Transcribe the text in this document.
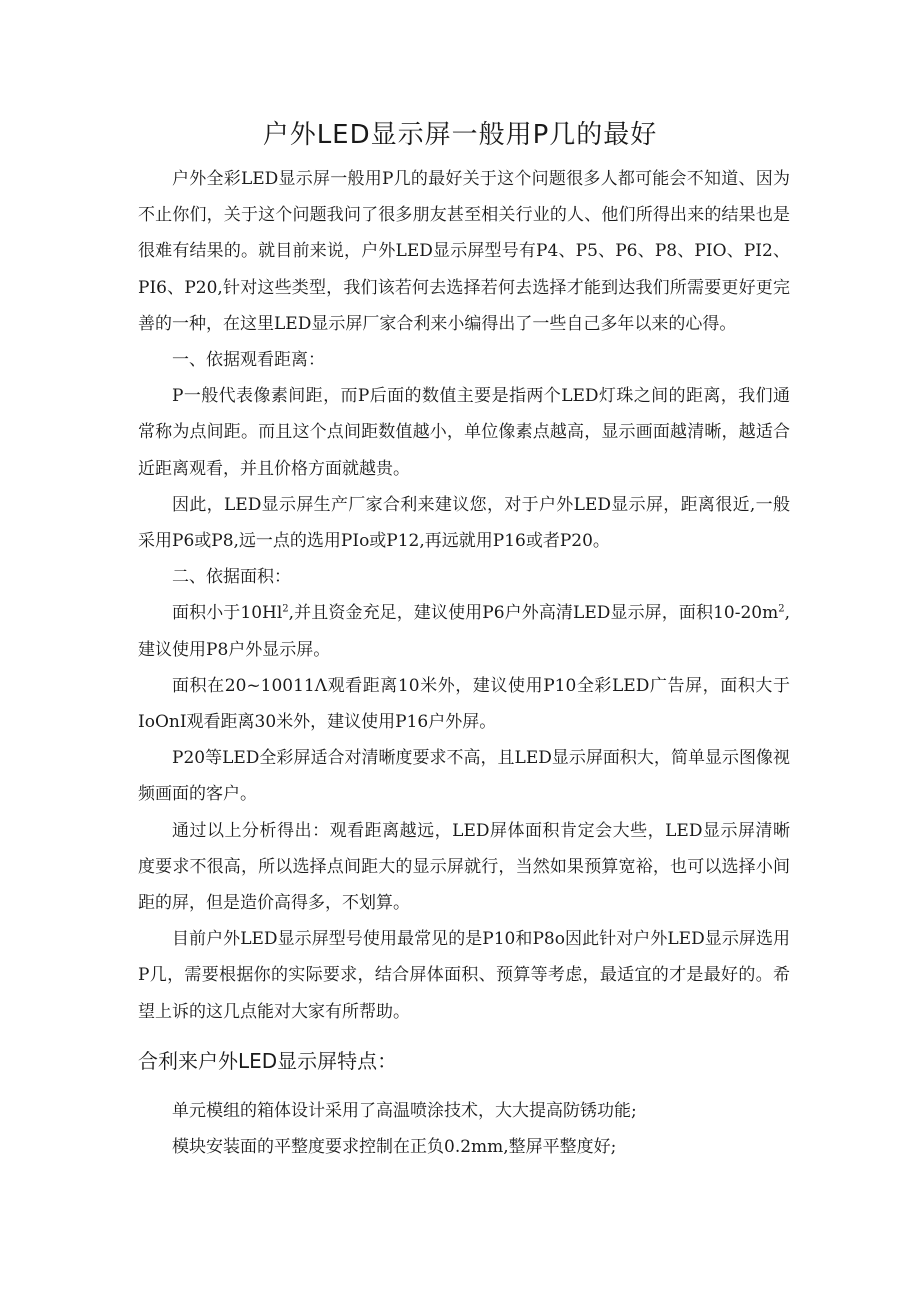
户外LED显示屏一般用P几的最好

户外全彩LED显示屏一般用P几的最好关于这个问题很多人都可能会不知道、因为不止你们，关于这个问题我问了很多朋友甚至相关行业的人、他们所得出来的结果也是很难有结果的。就目前来说，户外LED显示屏型号有P4、P5、P6、P8、PIO、PI2、PI6、P20,针对这些类型，我们该若何去选择若何去选择才能到达我们所需要更好更完善的一种，在这里LED显示屏厂家合利来小编得出了一些自己多年以来的心得。

一、依据观看距离：

P一般代表像素间距，而P后面的数值主要是指两个LED灯珠之间的距离，我们通常称为点间距。而且这个点间距数值越小，单位像素点越高，显示画面越清晰，越适合近距离观看，并且价格方面就越贵。

因此，LED显示屏生产厂家合利来建议您，对于户外LED显示屏，距离很近,一般采用P6或P8,远一点的选用PIo或P12,再远就用P16或者P20。

二、依据面积：

面积小于10Hl$^2$,并且资金充足，建议使用P6户外高清LED显示屏，面积$10-20m^2$,建议使用P8户外显示屏。

面积在20~10011Λ观看距离10米外，建议使用P10全彩LED广告屏，面积大于IoOnI观看距离30米外，建议使用P16户外屏。

P20等LED全彩屏适合对清晰度要求不高，且LED显示屏面积大，简单显示图像视频画面的客户。

通过以上分析得出：观看距离越远，LED屏体面积肯定会大些，LED显示屏清晰度要求不很高，所以选择点间距大的显示屏就行，当然如果预算宽裕，也可以选择小间距的屏，但是造价高得多，不划算。

目前户外LED显示屏型号使用最常见的是P10和P8o因此针对户外LED显示屏选用P几，需要根据你的实际要求，结合屏体面积、预算等考虑，最适宜的才是最好的。希望上诉的这几点能对大家有所帮助。

合利来户外LED显示屏特点：

单元模组的箱体设计采用了高温喷涂技术，大大提高防锈功能;

模块安装面的平整度要求控制在正负0.2mm,整屏平整度好;
